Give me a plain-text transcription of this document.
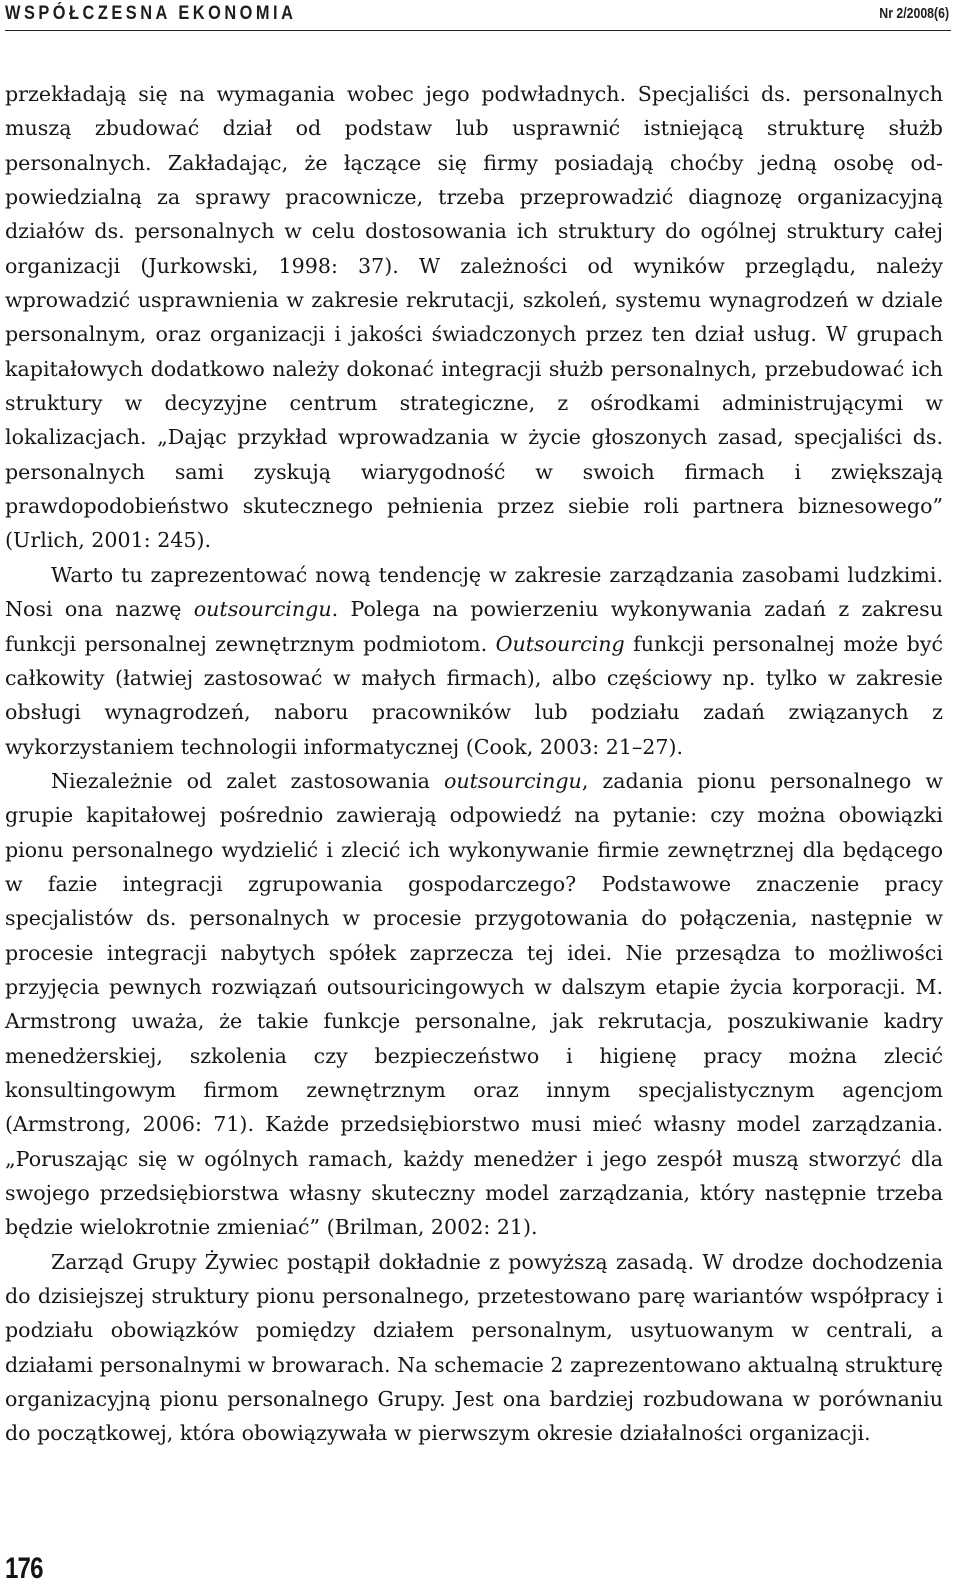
WSPÓŁCZESNA EKONOMIA	Nr 2/2008(6)

przekładają się na wymagania wobec jego podwładnych. Specjaliści ds. personalnych muszą zbudować dział od podstaw lub usprawnić istniejącą strukturę służb personalnych. Zakładając, że łączące się firmy posiadają choćby jedną osobę odpowiedzialną za sprawy pracownicze, trzeba przeprowadzić diagnozę organizacyjną działów ds. personalnych w celu dostosowania ich struktury do ogólnej struktury całej organizacji (Jurkowski, 1998: 37). W zależności od wyników przeglądu, należy wprowadzić usprawnienia w zakresie rekrutacji, szkoleń, systemu wynagrodzeń w dziale personalnym, oraz organizacji i jakości świadczonych przez ten dział usług. W grupach kapitałowych dodatkowo należy dokonać integracji służb personalnych, przebudować ich struktury w decyzyjne centrum strategiczne, z ośrodkami administrującymi w lokalizacjach. „Dając przykład wprowadzania w życie głoszonych zasad, specjaliści ds. personalnych sami zyskują wiarygodność w swoich firmach i zwiększają prawdopodobieństwo skutecznego pełnienia przez siebie roli partnera biznesowego” (Urlich, 2001: 245).

Warto tu zaprezentować nową tendencję w zakresie zarządzania zasobami ludzkimi. Nosi ona nazwę outsourcingu. Polega na powierzeniu wykonywania zadań z zakresu funkcji personalnej zewnętrznym podmiotom. Outsourcing funkcji personalnej może być całkowity (łatwiej zastosować w małych firmach), albo częściowy np. tylko w zakresie obsługi wynagrodzeń, naboru pracowników lub podziału zadań związanych z wykorzystaniem technologii informatycznej (Cook, 2003: 21–27).

Niezależnie od zalet zastosowania outsourcingu, zadania pionu personalnego w grupie kapitałowej pośrednio zawierają odpowiedź na pytanie: czy można obowiązki pionu personalnego wydzielić i zlecić ich wykonywanie firmie zewnętrznej dla będącego w fazie integracji zgrupowania gospodarczego? Podstawowe znaczenie pracy specjalistów ds. personalnych w procesie przygotowania do połączenia, następnie w procesie integracji nabytych spółek zaprzecza tej idei. Nie przesądza to możliwości przyjęcia pewnych rozwiązań outsouricingowych w dalszym etapie życia korporacji. M. Armstrong uważa, że takie funkcje personalne, jak rekrutacja, poszukiwanie kadry menedżerskiej, szkolenia czy bezpieczeństwo i higienę pracy można zlecić konsultingowym firmom zewnętrznym oraz innym specjalistycznym agencjom (Armstrong, 2006: 71). Każde przedsiębiorstwo musi mieć własny model zarządzania. „Poruszając się w ogólnych ramach, każdy menedżer i jego zespół muszą stworzyć dla swojego przedsiębiorstwa własny skuteczny model zarządzania, który następnie trzeba będzie wielokrotnie zmieniać” (Brilman, 2002: 21).

Zarząd Grupy Żywiec postąpił dokładnie z powyższą zasadą. W drodze dochodzenia do dzisiejszej struktury pionu personalnego, przetestowano parę wariantów współpracy i podziału obowiązków pomiędzy działem personalnym, usytuowanym w centrali, a działami personalnymi w browarach. Na schemacie 2 zaprezentowano aktualną strukturę organizacyjną pionu personalnego Grupy. Jest ona bardziej rozbudowana w porównaniu do początkowej, która obowiązywała w pierwszym okresie działalności organizacji.

176
